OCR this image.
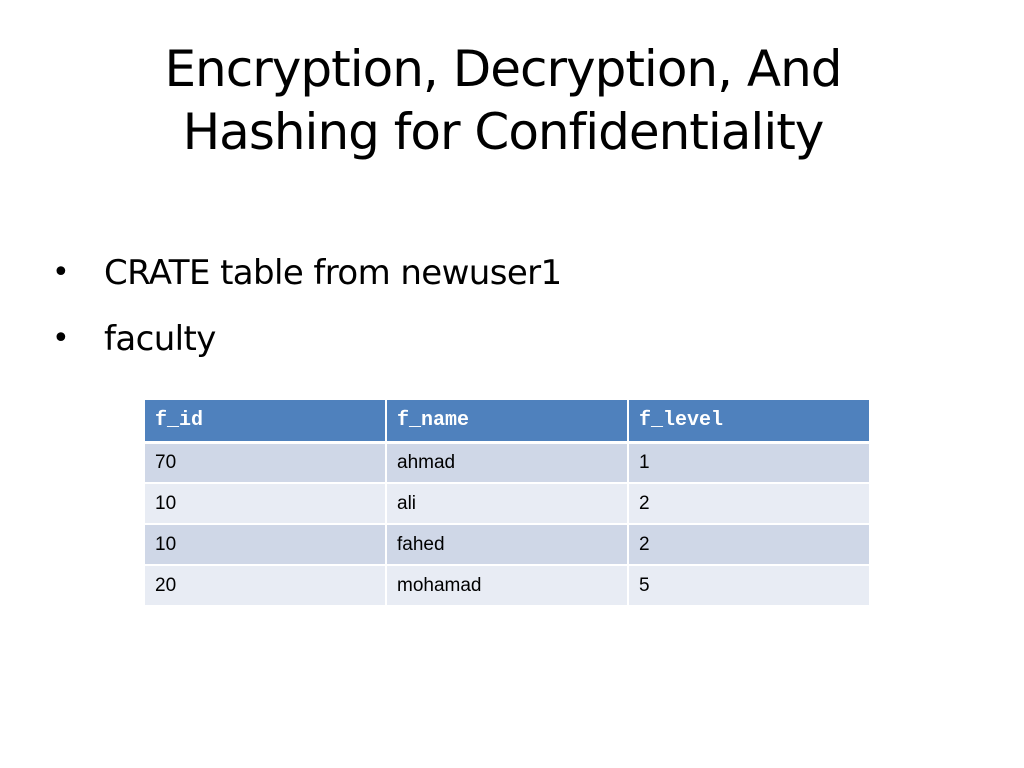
Encryption, Decryption, And
Hashing for Confidentiality
• CRATE table from newuser1
• faculty
f_id	f_name	f_level
70	ahmad	1
10	ali	2
10	fahed	2
20	mohamad	5
